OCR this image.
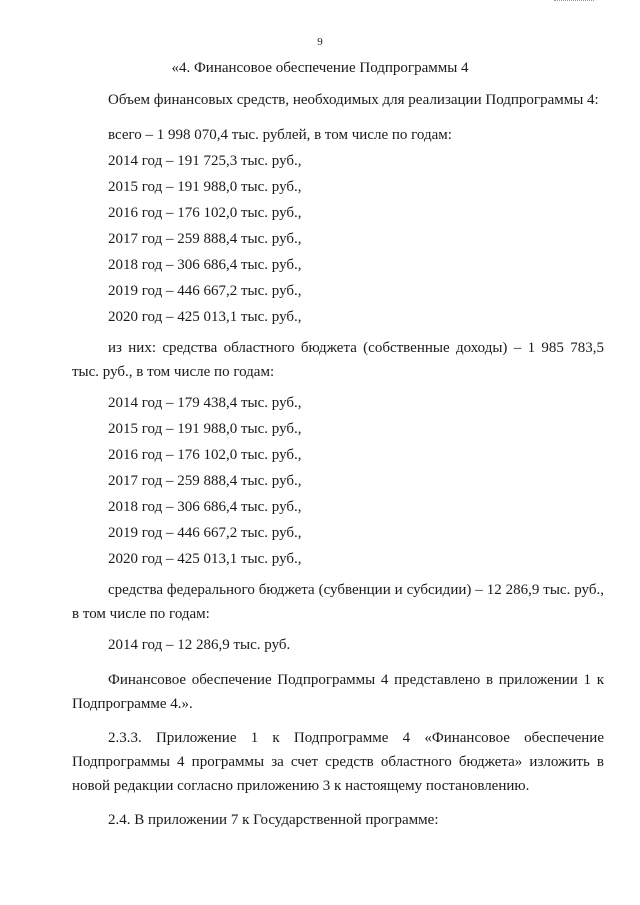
9
«4. Финансовое обеспечение Подпрограммы 4
Объем финансовых средств, необходимых для реализации Подпрограммы 4:
всего – 1 998 070,4 тыс. рублей, в том числе по годам:
2014 год – 191 725,3 тыс. руб.,
2015 год – 191 988,0 тыс. руб.,
2016 год – 176 102,0 тыс. руб.,
2017 год – 259 888,4 тыс. руб.,
2018 год – 306 686,4 тыс. руб.,
2019 год – 446 667,2 тыс. руб.,
2020 год – 425 013,1 тыс. руб.,
из них: средства областного бюджета (собственные доходы) – 1 985 783,5 тыс. руб., в том числе по годам:
2014 год – 179 438,4 тыс. руб.,
2015 год – 191 988,0 тыс. руб.,
2016 год – 176 102,0 тыс. руб.,
2017 год – 259 888,4 тыс. руб.,
2018 год – 306 686,4 тыс. руб.,
2019 год – 446 667,2 тыс. руб.,
2020 год – 425 013,1 тыс. руб.,
средства федерального бюджета (субвенции и субсидии) – 12 286,9 тыс. руб., в том числе по годам:
2014 год – 12 286,9 тыс. руб.
Финансовое обеспечение Подпрограммы 4 представлено в приложении 1 к Подпрограмме 4.».
2.3.3. Приложение 1 к Подпрограмме 4 «Финансовое обеспечение Подпрограммы 4 программы за счет средств областного бюджета» изложить в новой редакции согласно приложению 3 к настоящему постановлению.
2.4. В приложении 7 к Государственной программе:
